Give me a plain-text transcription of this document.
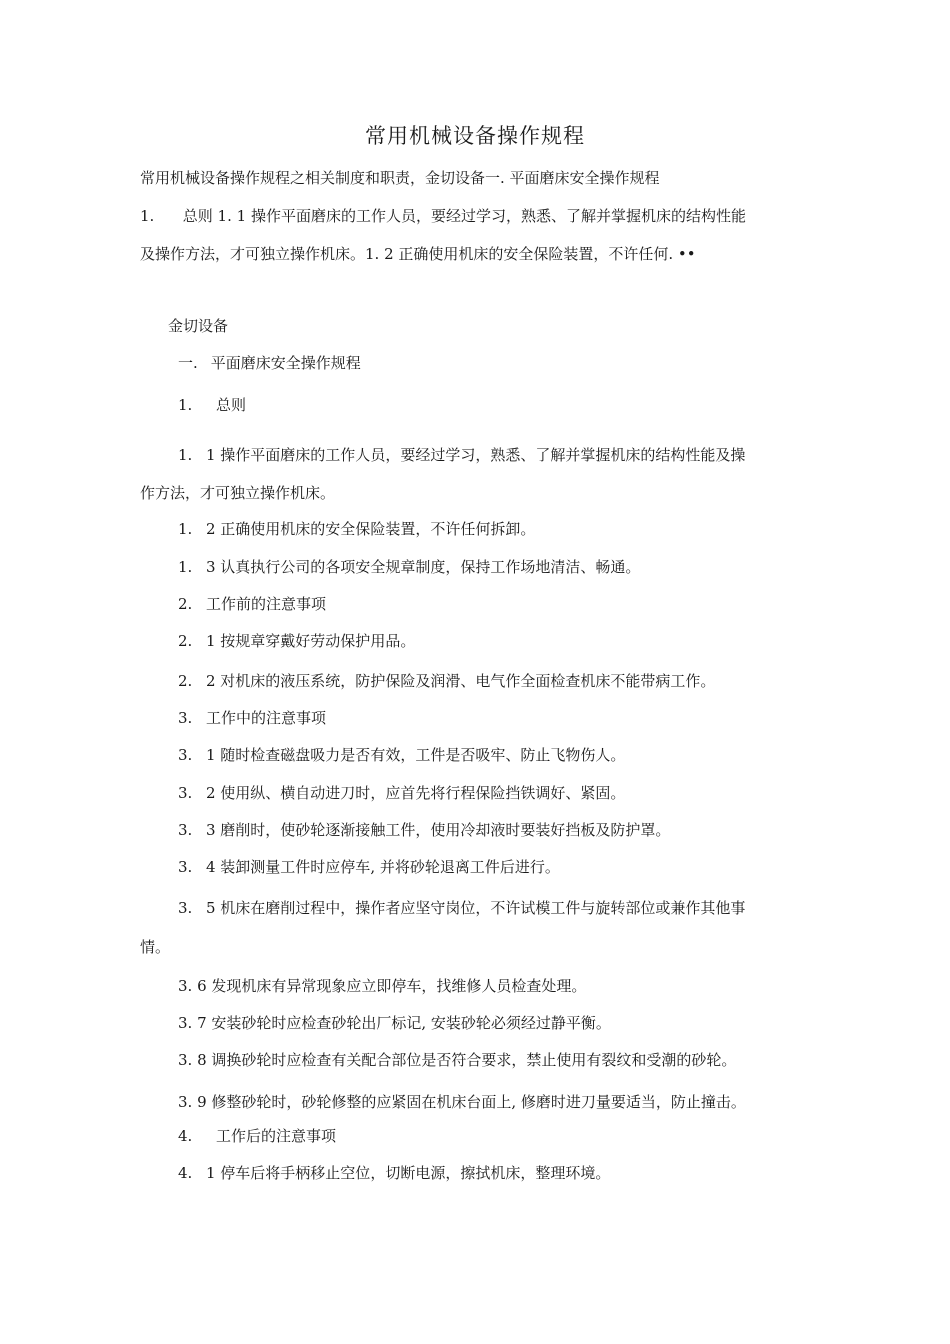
常用机械设备操作规程
常用机械设备操作规程之相关制度和职责，金切设备一. 平面磨床安全操作规程
1. 总则 1. 1 操作平面磨床的工作人员，要经过学习，熟悉、了解并掌握机床的结构性能
及操作方法，才可独立操作机床。1. 2 正确使用机床的安全保险装置，不许任何. ••
金切设备
一. 平面磨床安全操作规程
1. 总则
1. 1 操作平面磨床的工作人员，要经过学习，熟悉、了解并掌握机床的结构性能及操
作方法，才可独立操作机床。
1. 2 正确使用机床的安全保险装置，不许任何拆卸。
1. 3 认真执行公司的各项安全规章制度，保持工作场地清洁、畅通。
2. 工作前的注意事项
2. 1 按规章穿戴好劳动保护用品。
2. 2 对机床的液压系统，防护保险及润滑、电气作全面检查机床不能带病工作。
3. 工作中的注意事项
3. 1 随时检查磁盘吸力是否有效，工件是否吸牢、防止飞物伤人。
3. 2 使用纵、横自动进刀时，应首先将行程保险挡铁调好、紧固。
3. 3 磨削时，使砂轮逐渐接触工件，使用冷却液时要装好挡板及防护罩。
3. 4 装卸测量工件时应停车, 并将砂轮退离工件后进行。
3. 5 机床在磨削过程中，操作者应坚守岗位，不许试模工件与旋转部位或兼作其他事
情。
3. 6 发现机床有异常现象应立即停车，找维修人员检查处理。
3. 7 安装砂轮时应检查砂轮出厂标记, 安装砂轮必须经过静平衡。
3. 8 调换砂轮时应检查有关配合部位是否符合要求，禁止使用有裂纹和受潮的砂轮。
3. 9 修整砂轮时，砂轮修整的应紧固在机床台面上, 修磨时进刀量要适当，防止撞击。
4. 工作后的注意事项
4. 1 停车后将手柄移止空位，切断电源，擦拭机床，整理环境。
